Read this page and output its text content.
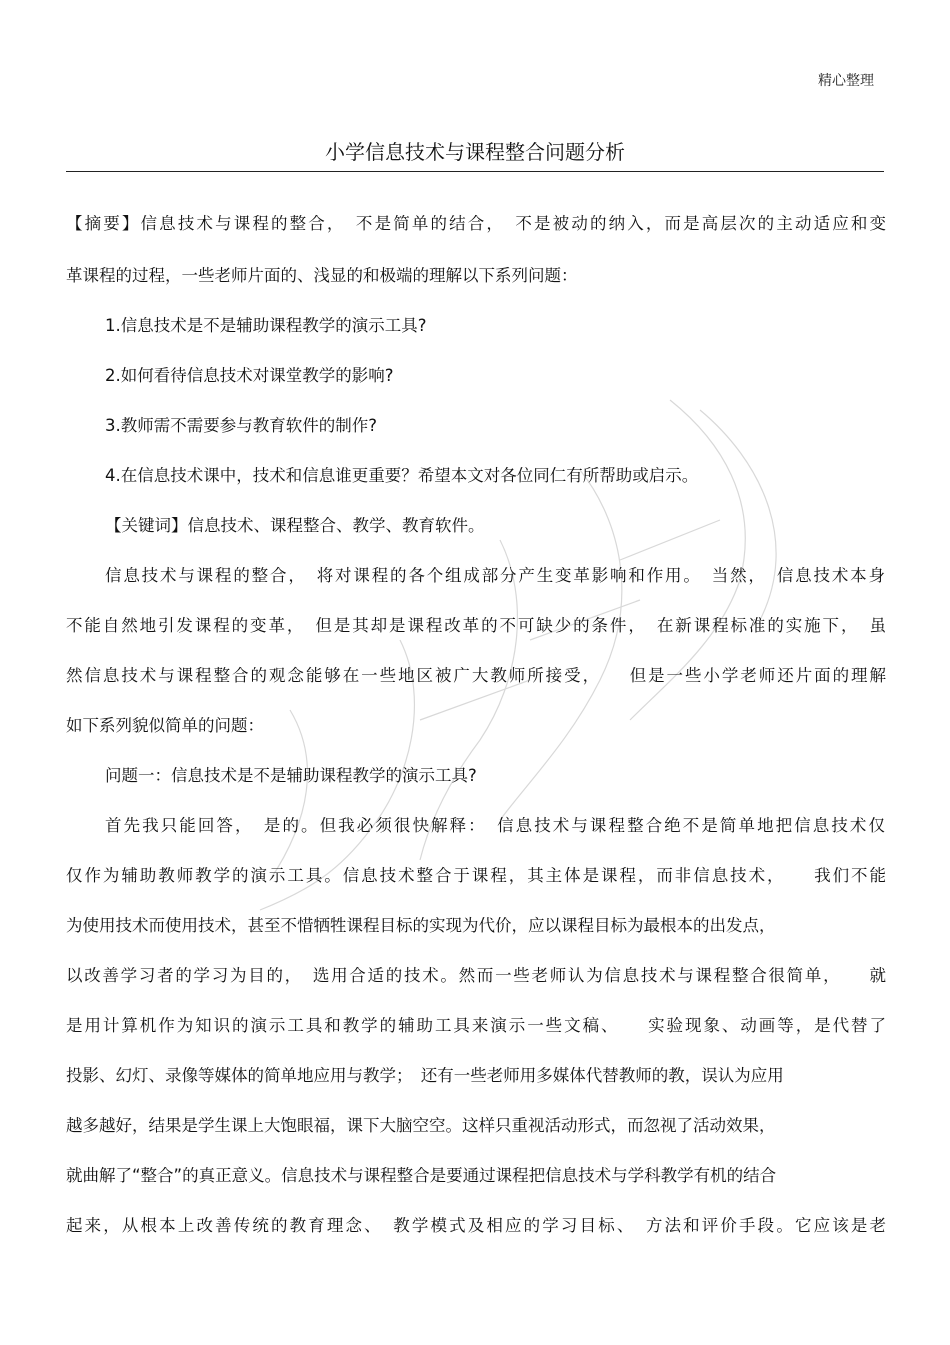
精心整理
小学信息技术与课程整合问题分析
【摘要】信息技术与课程的整合，　不是简单的结合，　不是被动的纳入，而是高层次的主动适应和变
革课程的过程，一些老师片面的、浅显的和极端的理解以下系列问题：
1.信息技术是不是辅助课程教学的演示工具?
2.如何看待信息技术对课堂教学的影响?
3.教师需不需要参与教育软件的制作?
4.在信息技术课中，技术和信息谁更重要？希望本文对各位同仁有所帮助或启示。
【关键词】信息技术、课程整合、教学、教育软件。
信息技术与课程的整合，　将对课程的各个组成部分产生变革影响和作用。　当然，　信息技术本身
不能自然地引发课程的变革，　但是其却是课程改革的不可缺少的条件，　在新课程标准的实施下，　虽
然信息技术与课程整合的观念能够在一些地区被广大教师所接受，　　但是一些小学老师还片面的理解
如下系列貌似简单的问题：
问题一：信息技术是不是辅助课程教学的演示工具?
首先我只能回答，　是的。但我必须很快解释：　信息技术与课程整合绝不是简单地把信息技术仅
仅作为辅助教师教学的演示工具。信息技术整合于课程，其主体是课程，而非信息技术，　　我们不能
为使用技术而使用技术，甚至不惜牺牲课程目标的实现为代价，应以课程目标为最根本的出发点，
以改善学习者的学习为目的，　选用合适的技术。然而一些老师认为信息技术与课程整合很简单，　　就
是用计算机作为知识的演示工具和教学的辅助工具来演示一些文稿、　　实验现象、动画等，是代替了
投影、幻灯、录像等媒体的简单地应用与教学；　还有一些老师用多媒体代替教师的教，误认为应用
越多越好，结果是学生课上大饱眼福，课下大脑空空。这样只重视活动形式，而忽视了活动效果，
就曲解了“整合”的真正意义。信息技术与课程整合是要通过课程把信息技术与学科教学有机的结合
起来，从根本上改善传统的教育理念、　教学模式及相应的学习目标、　方法和评价手段。它应该是老
